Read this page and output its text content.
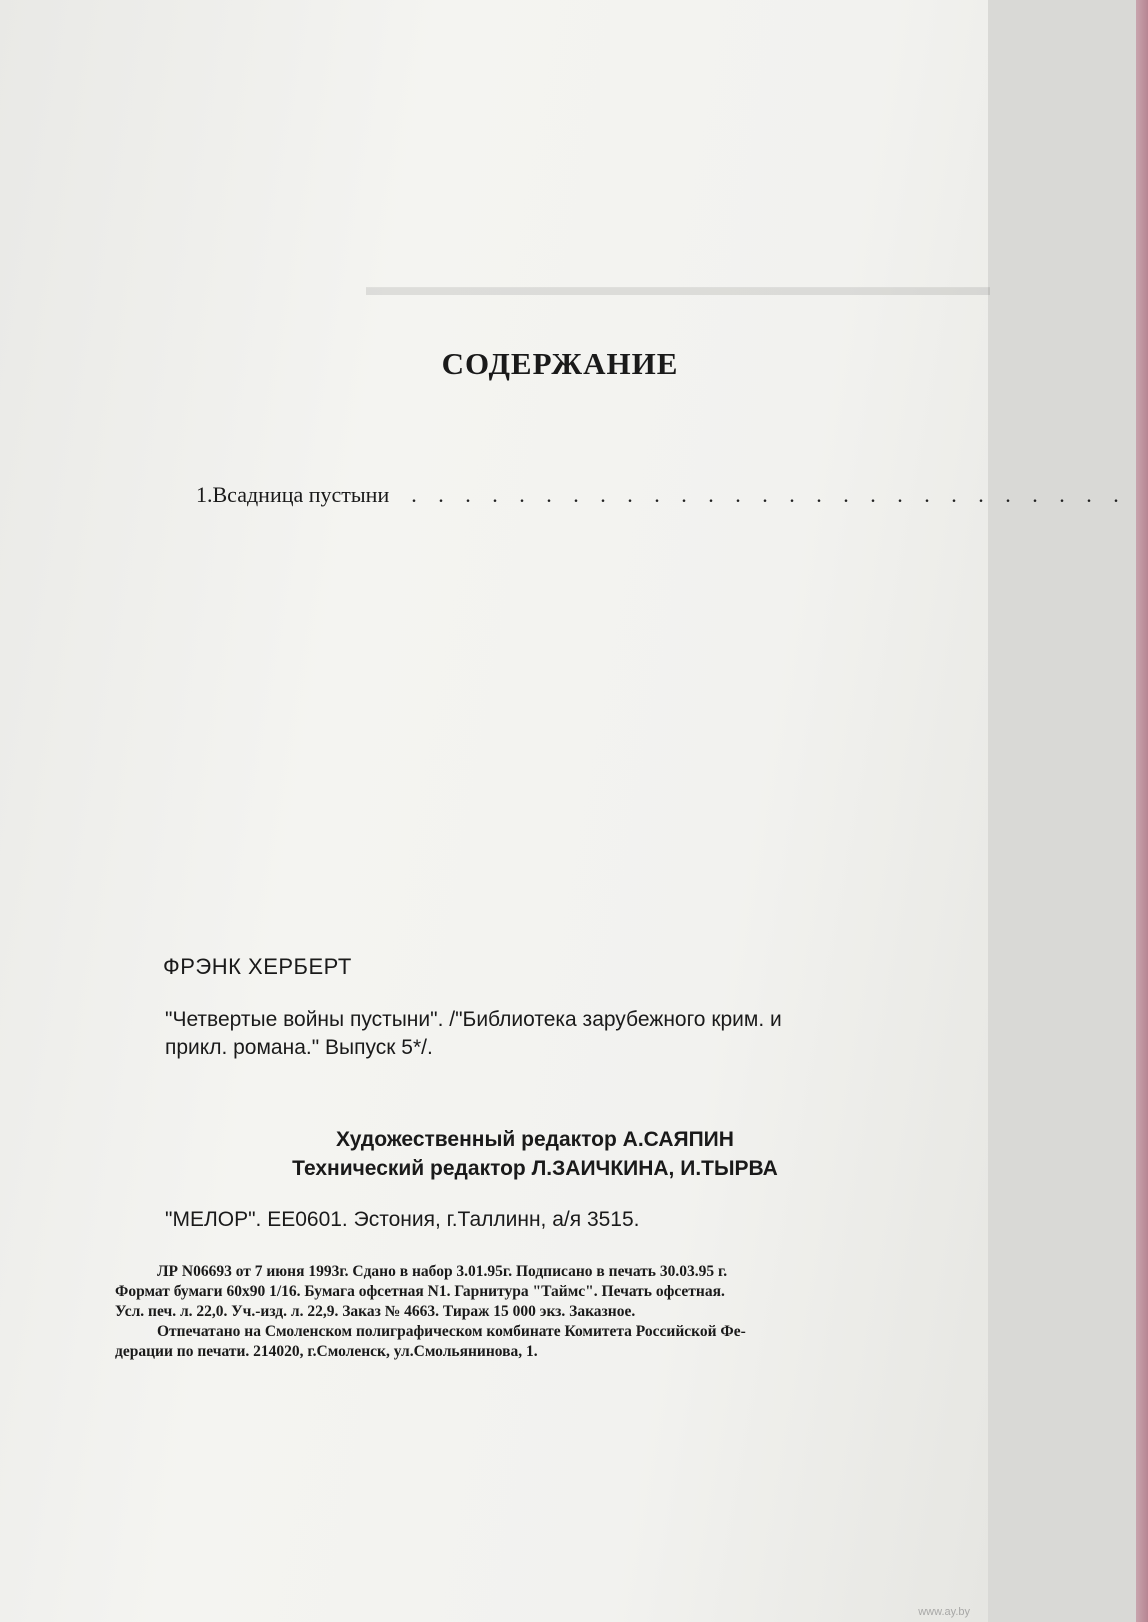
▬▬▬▬▬▬▬▬▬▬▬▬▬▬▬▬▬▬▬▬▬▬▬▬

СОДЕРЖАНИЕ
1. Всадница пустыни	. . . . . . . . . . . . . . . . . . . . . . . . . . .
ФРЭНК ХЕРБЕРТ
"Четвертые войны пустыни". /"Библиотека зарубежного крим. и
прикл. романа." Выпуск 5*/.
Художественный редактор А.САЯПИН
Технический редактор Л.ЗАИЧКИНА, И.ТЫРВА
"МЕЛОР". EE0601. Эстония, г.Таллинн, а/я 3515.
ЛР N06693 от 7 июня 1993г. Сдано в набор 3.01.95г. Подписано в печать 30.03.95 г.
Формат бумаги 60x90 1/16. Бумага офсетная N1. Гарнитура "Таймс". Печать офсетная.
Усл. печ. л. 22,0. Уч.-изд. л. 22,9. Заказ № 4663. Тираж 15 000 экз. Заказное.
Отпечатано на Смоленском полиграфическом комбинате Комитета Российской Фе-
дерации по печати. 214020, г.Смоленск, ул.Смольянинова, 1.
www.ay.by
